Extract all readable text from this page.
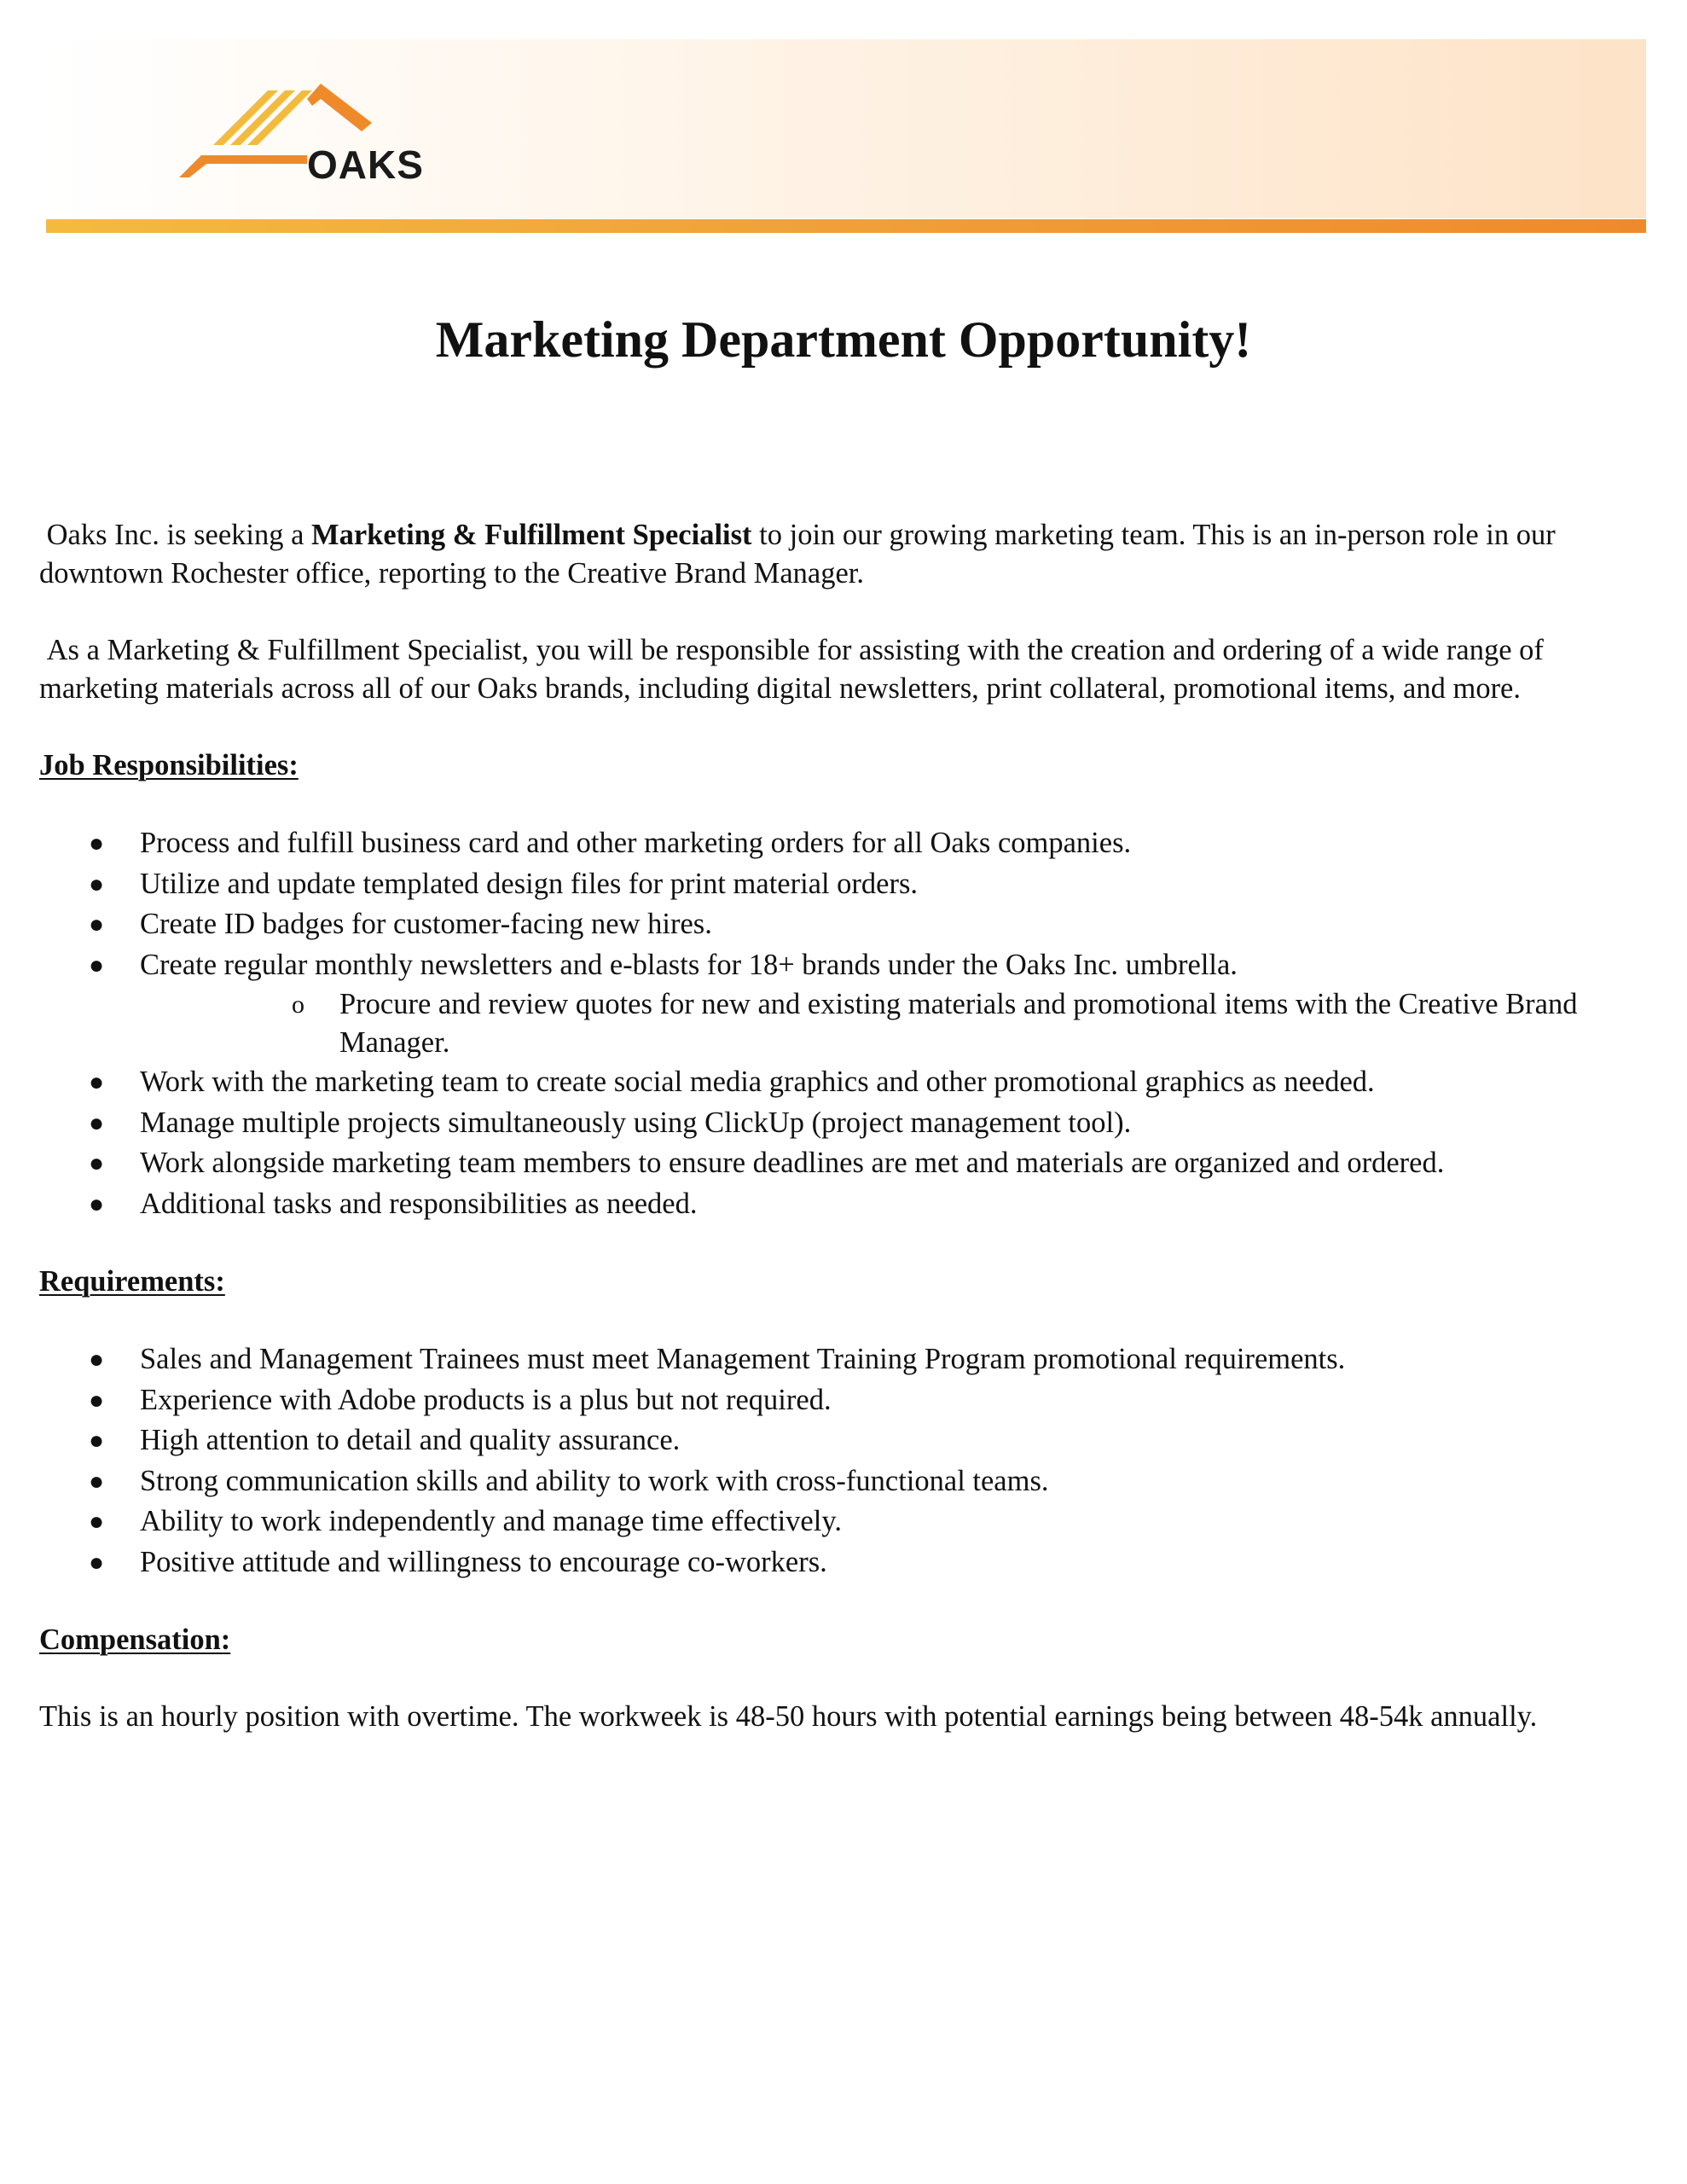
OAKS
Marketing Department Opportunity!

Oaks Inc. is seeking a Marketing & Fulfillment Specialist to join our growing marketing team. This is an in-person role in our downtown Rochester office, reporting to the Creative Brand Manager.

As a Marketing & Fulfillment Specialist, you will be responsible for assisting with the creation and ordering of a wide range of marketing materials across all of our Oaks brands, including digital newsletters, print collateral, promotional items, and more.

Job Responsibilities:

● Process and fulfill business card and other marketing orders for all Oaks companies.
● Utilize and update templated design files for print material orders.
● Create ID badges for customer-facing new hires.
● Create regular monthly newsletters and e-blasts for 18+ brands under the Oaks Inc. umbrella.
o Procure and review quotes for new and existing materials and promotional items with the Creative Brand Manager.
● Work with the marketing team to create social media graphics and other promotional graphics as needed.
● Manage multiple projects simultaneously using ClickUp (project management tool).
● Work alongside marketing team members to ensure deadlines are met and materials are organized and ordered.
● Additional tasks and responsibilities as needed.

Requirements:

● Sales and Management Trainees must meet Management Training Program promotional requirements.
● Experience with Adobe products is a plus but not required.
● High attention to detail and quality assurance.
● Strong communication skills and ability to work with cross-functional teams.
● Ability to work independently and manage time effectively.
● Positive attitude and willingness to encourage co-workers.

Compensation:

This is an hourly position with overtime. The workweek is 48-50 hours with potential earnings being between 48-54k annually.
